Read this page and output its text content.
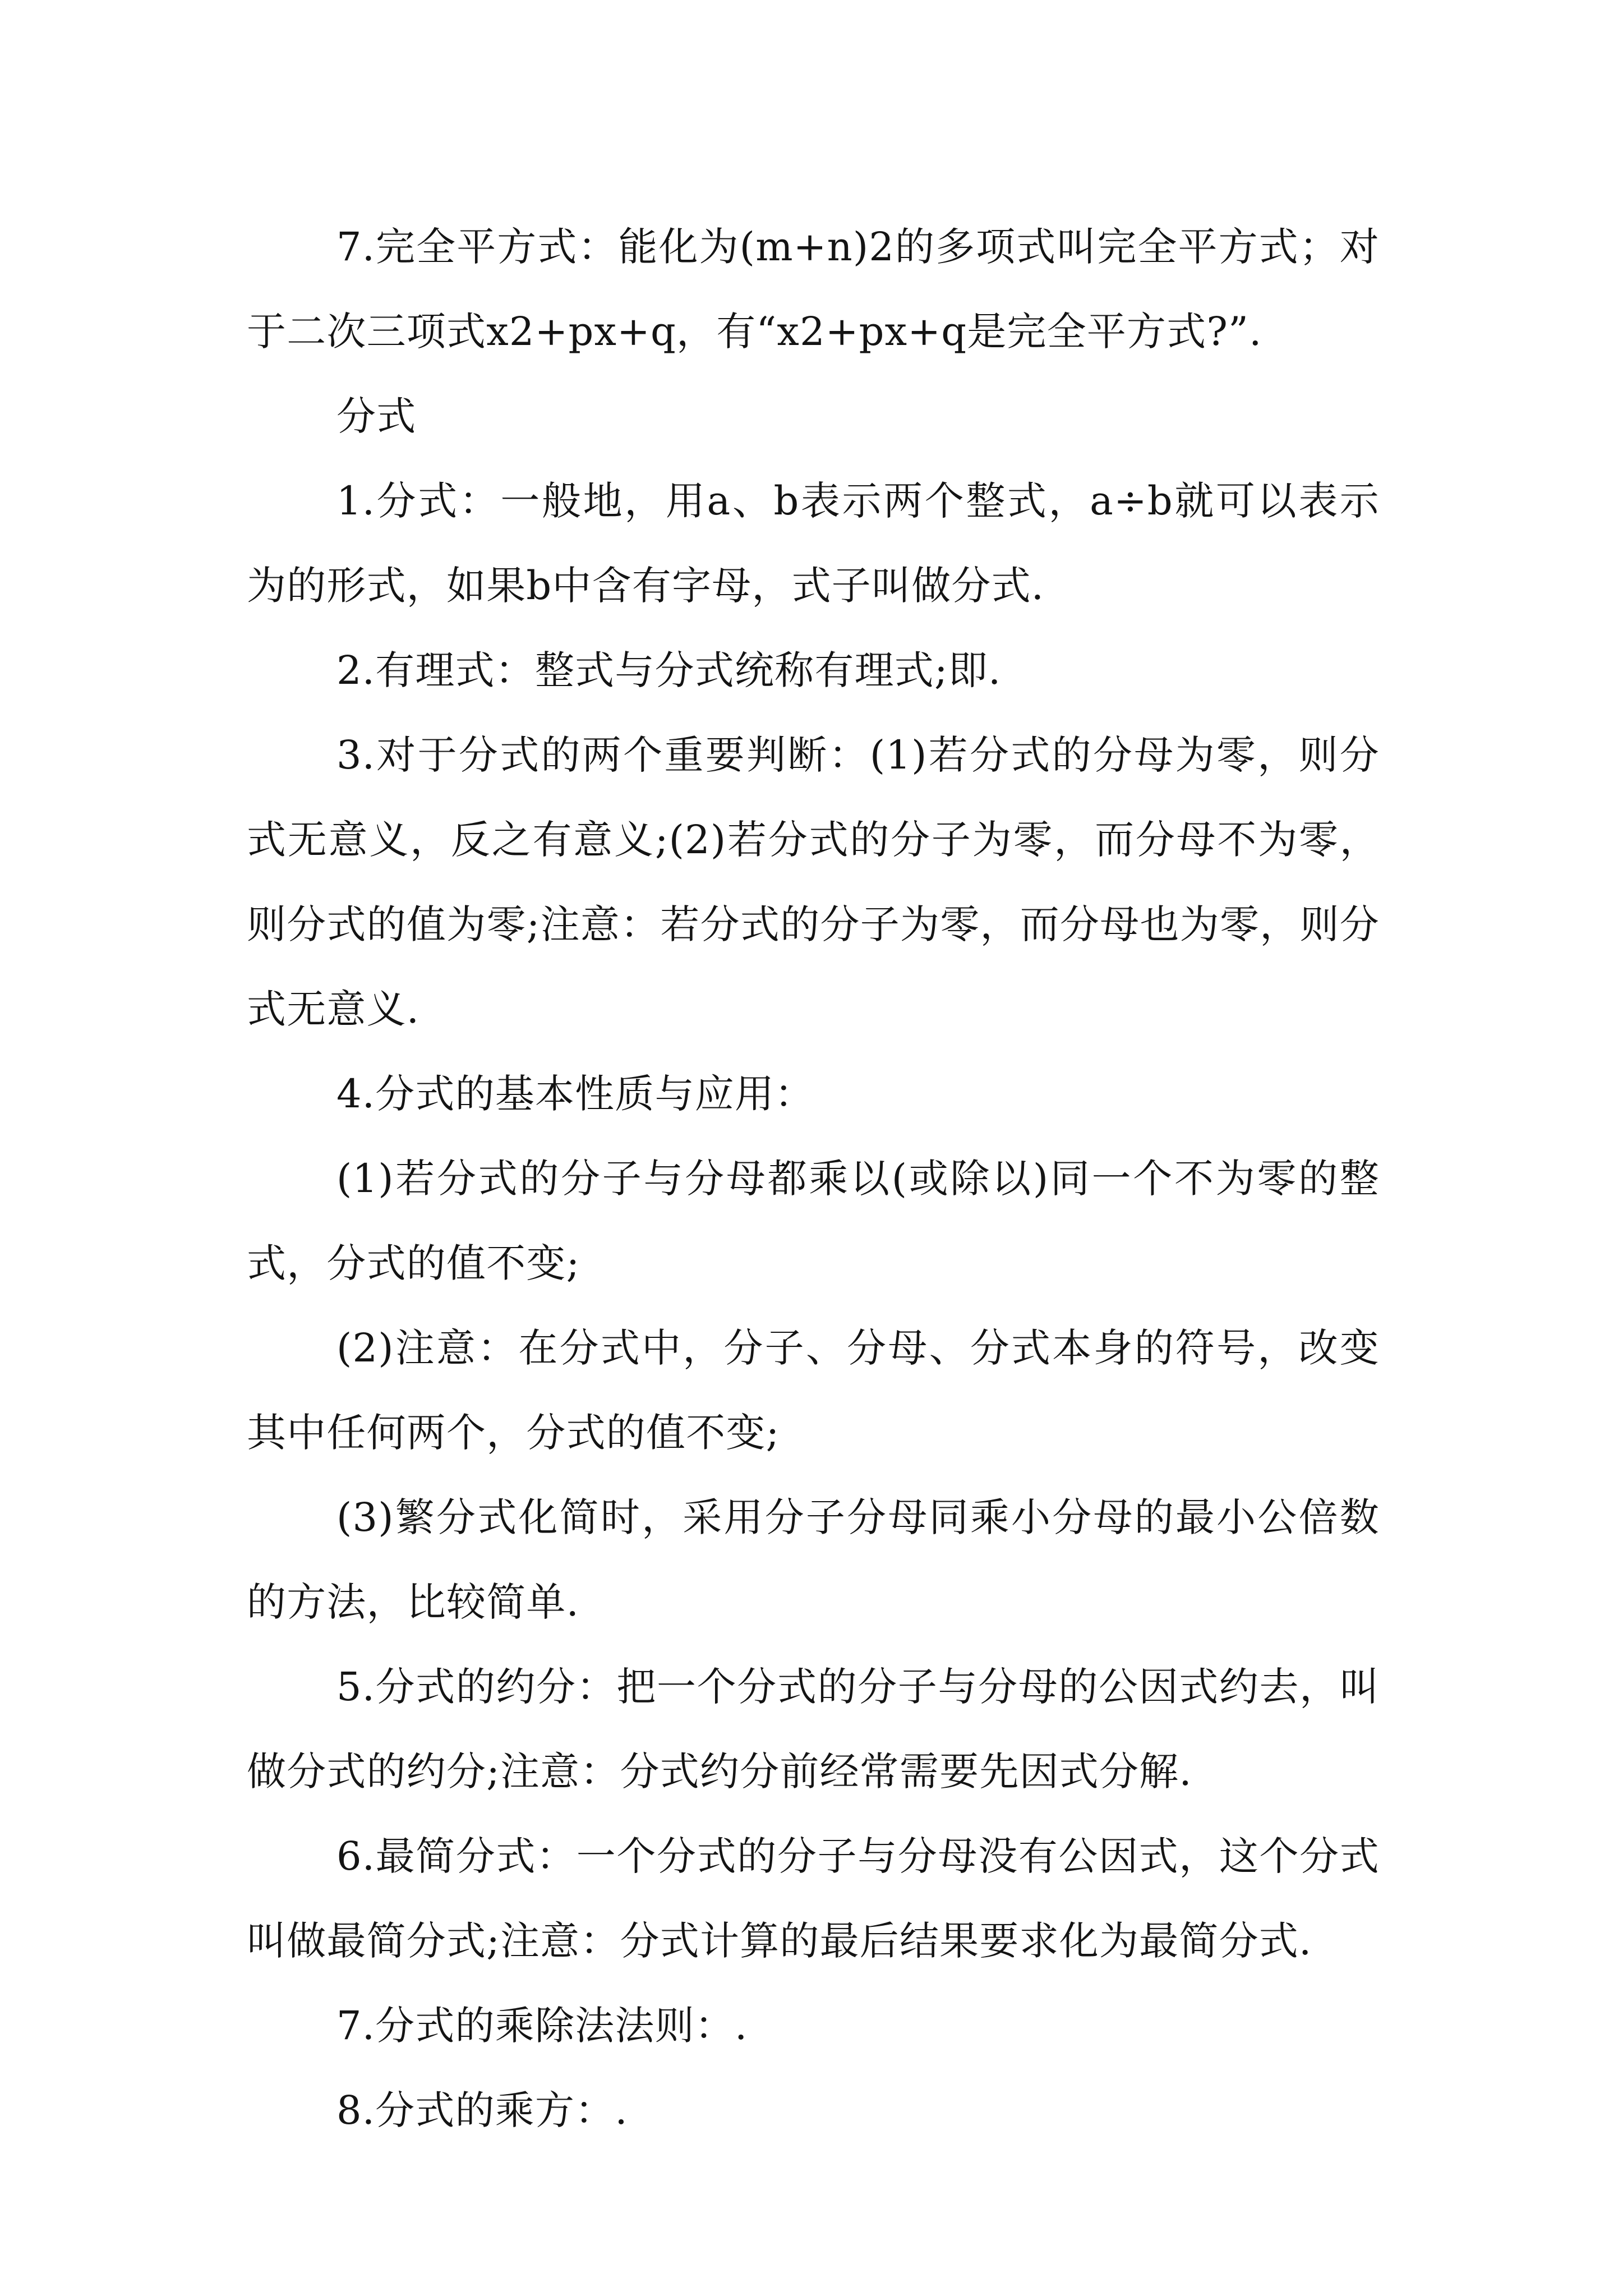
7.完全平方式：能化为(m+n)2的多项式叫完全平方式；对于二次三项式x2+px+q，有“x2+px+q是完全平方式?”.

分式

1.分式：一般地，用a、b表示两个整式，a÷b就可以表示为的形式，如果b中含有字母，式子叫做分式.

2.有理式：整式与分式统称有理式;即.

3.对于分式的两个重要判断：(1)若分式的分母为零，则分式无意义，反之有意义;(2)若分式的分子为零，而分母不为零，则分式的值为零;注意：若分式的分子为零，而分母也为零，则分式无意义.

4.分式的基本性质与应用：

(1)若分式的分子与分母都乘以(或除以)同一个不为零的整式，分式的值不变;

(2)注意：在分式中，分子、分母、分式本身的符号，改变其中任何两个，分式的值不变;

(3)繁分式化简时，采用分子分母同乘小分母的最小公倍数的方法，比较简单.

5.分式的约分：把一个分式的分子与分母的公因式约去，叫做分式的约分;注意：分式约分前经常需要先因式分解.

6.最简分式：一个分式的分子与分母没有公因式，这个分式叫做最简分式;注意：分式计算的最后结果要求化为最简分式.

7.分式的乘除法法则：.

8.分式的乘方：.
